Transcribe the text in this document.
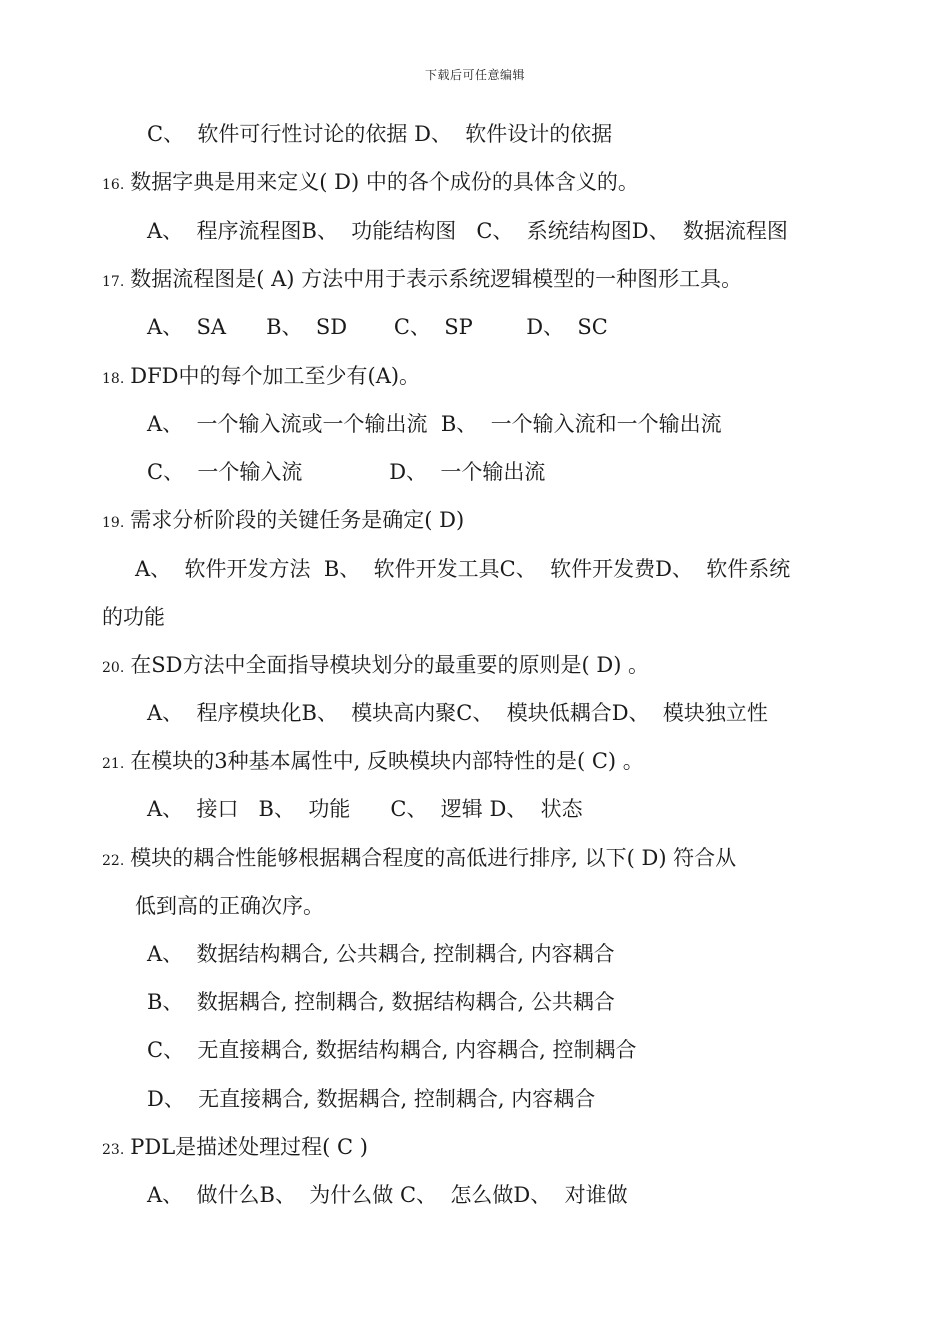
下载后可任意编辑
C、  软件可行性讨论的依据 D、  软件设计的依据
16. 数据字典是用来定义( D) 中的各个成份的具体含义的。
A、  程序流程图B、  功能结构图   C、  系统结构图D、  数据流程图
17. 数据流程图是( A) 方法中用于表示系统逻辑模型的一种图形工具。
A、  SA      B、  SD       C、  SP        D、  SC
18. DFD中的每个加工至少有(A)。
A、  一个输入流或一个输出流  B、  一个输入流和一个输出流
C、  一个输入流             D、  一个输出流
19. 需求分析阶段的关键任务是确定( D)
A、  软件开发方法  B、  软件开发工具C、  软件开发费D、  软件系统
的功能
20. 在SD方法中全面指导模块划分的最重要的原则是( D) 。
A、  程序模块化B、  模块高内聚C、  模块低耦合D、  模块独立性
21. 在模块的3种基本属性中, 反映模块内部特性的是( C) 。
A、  接口   B、  功能      C、  逻辑 D、  状态
22. 模块的耦合性能够根据耦合程度的高低进行排序, 以下( D) 符合从
低到高的正确次序。
A、  数据结构耦合, 公共耦合, 控制耦合, 内容耦合
B、  数据耦合, 控制耦合, 数据结构耦合, 公共耦合
C、  无直接耦合, 数据结构耦合, 内容耦合, 控制耦合
D、  无直接耦合, 数据耦合, 控制耦合, 内容耦合
23. PDL是描述处理过程( C )
A、  做什么B、  为什么做 C、  怎么做D、  对谁做
